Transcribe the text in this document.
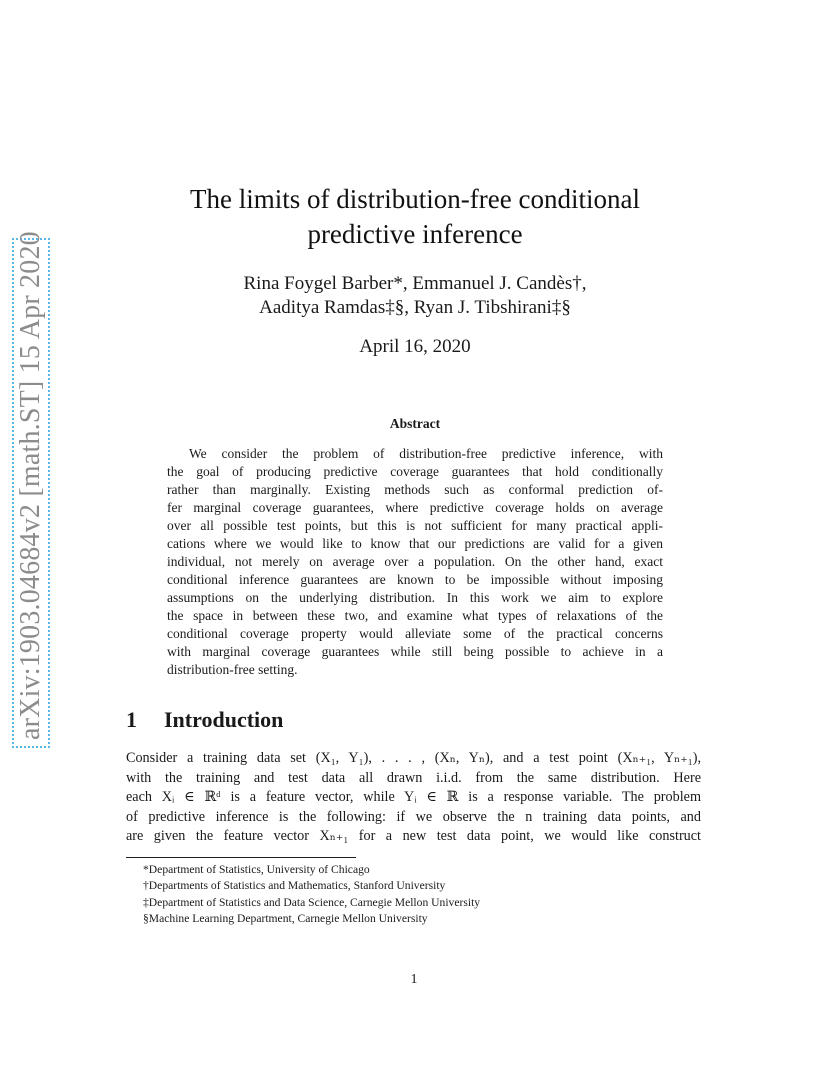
arXiv:1903.04684v2 [math.ST] 15 Apr 2020
The limits of distribution-free conditional
predictive inference
Rina Foygel Barber*, Emmanuel J. Candès†,
Aaditya Ramdas‡§, Ryan J. Tibshirani‡§
April 16, 2020
Abstract
We consider the problem of distribution-free predictive inference, with
the goal of producing predictive coverage guarantees that hold conditionally
rather than marginally. Existing methods such as conformal prediction of-
fer marginal coverage guarantees, where predictive coverage holds on average
over all possible test points, but this is not sufficient for many practical appli-
cations where we would like to know that our predictions are valid for a given
individual, not merely on average over a population. On the other hand, exact
conditional inference guarantees are known to be impossible without imposing
assumptions on the underlying distribution. In this work we aim to explore
the space in between these two, and examine what types of relaxations of the
conditional coverage property would alleviate some of the practical concerns
with marginal coverage guarantees while still being possible to achieve in a
distribution-free setting.
1 Introduction
Consider a training data set (X₁, Y₁), . . . , (Xₙ, Yₙ), and a test point (Xₙ₊₁, Yₙ₊₁),
with the training and test data all drawn i.i.d. from the same distribution. Here
each Xᵢ ∈ ℝᵈ is a feature vector, while Yᵢ ∈ ℝ is a response variable. The problem
of predictive inference is the following: if we observe the n training data points, and
are given the feature vector Xₙ₊₁ for a new test data point, we would like construct
*Department of Statistics, University of Chicago
†Departments of Statistics and Mathematics, Stanford University
‡Department of Statistics and Data Science, Carnegie Mellon University
§Machine Learning Department, Carnegie Mellon University
1
